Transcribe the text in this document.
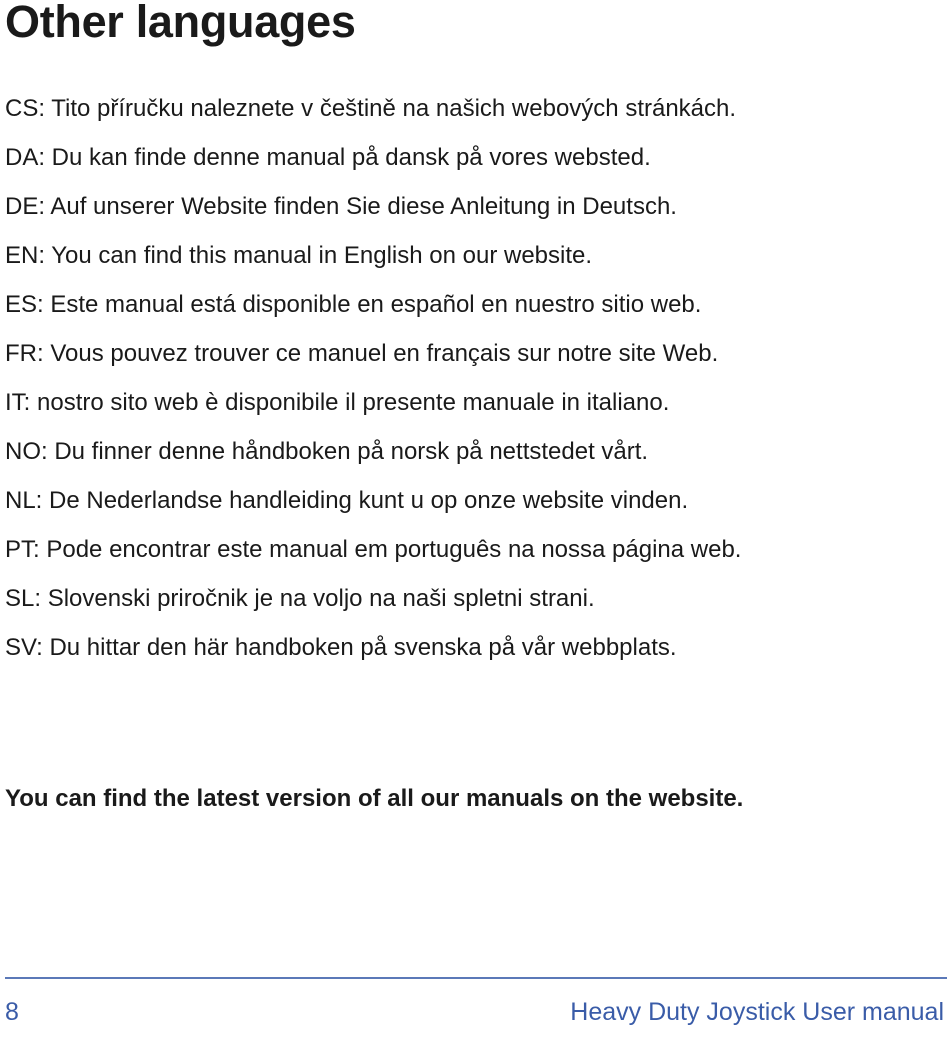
Other languages
CS: Tito příručku naleznete v češtině na našich webových stránkách.
DA: Du kan finde denne manual på dansk på vores websted.
DE: Auf unserer Website finden Sie diese Anleitung in Deutsch.
EN: You can find this manual in English on our website.
ES: Este manual está disponible en español en nuestro sitio web.
FR: Vous pouvez trouver ce manuel en français sur notre site Web.
IT: nostro sito web è disponibile il presente manuale in italiano.
NO: Du finner denne håndboken på norsk på nettstedet vårt.
NL: De Nederlandse handleiding kunt u op onze website vinden.
PT: Pode encontrar este manual em português na nossa página web.
SL: Slovenski priročnik je na voljo na naši spletni strani.
SV: Du hittar den här handboken på svenska på vår webbplats.

You can find the latest version of all our manuals on the website.

8	Heavy Duty Joystick User manual
